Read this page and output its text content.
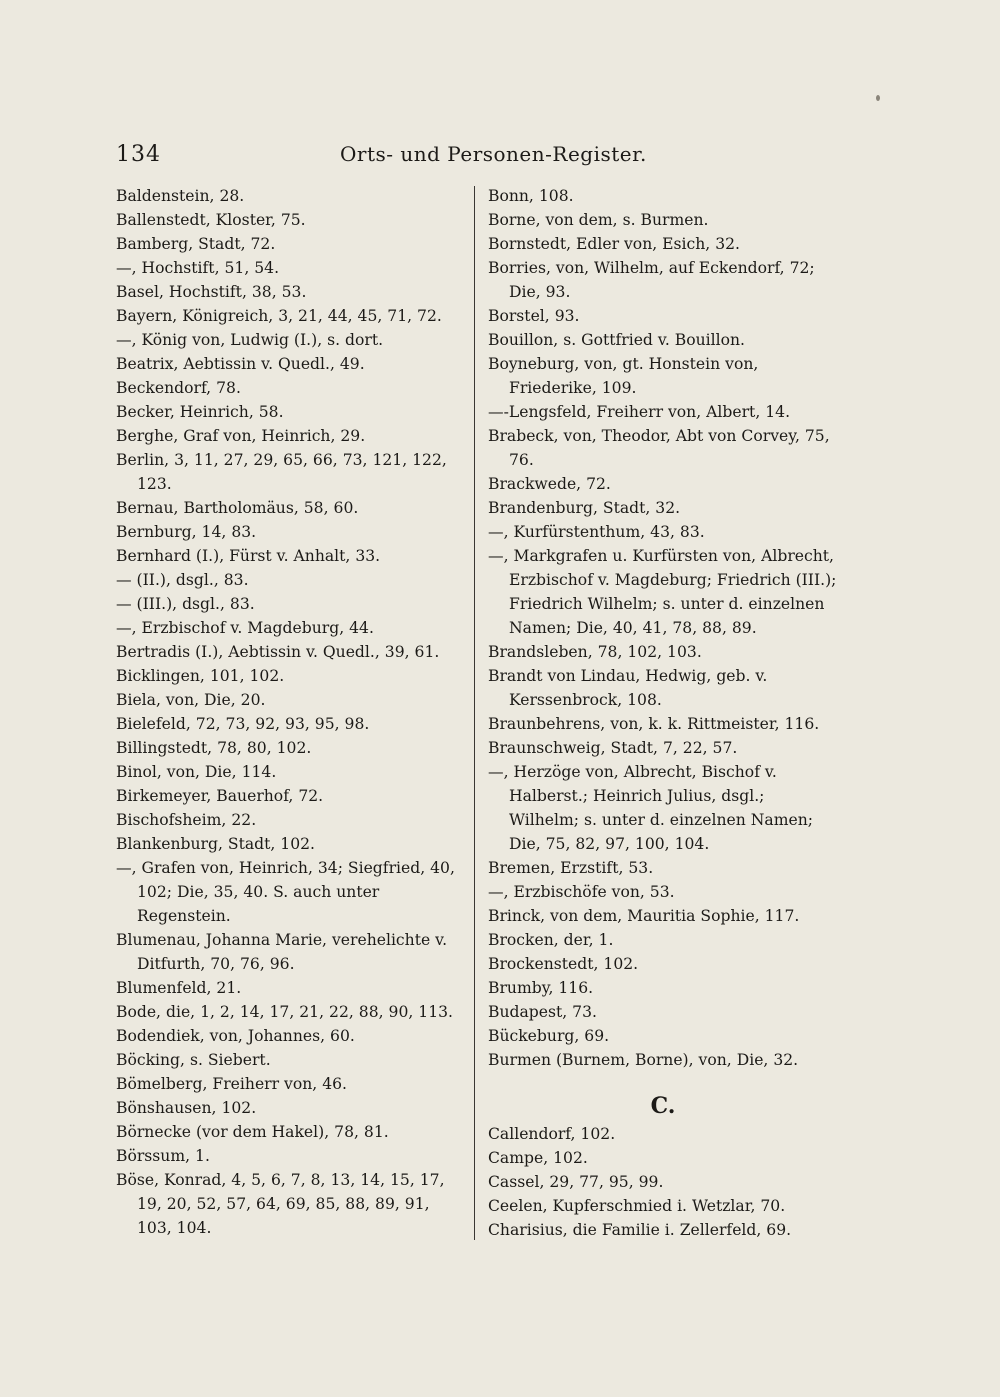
134	Orts- und Personen-Register.
Baldenstein, 28.
Ballenstedt, Kloster, 75.
Bamberg, Stadt, 72.
—, Hochstift, 51, 54.
Basel, Hochstift, 38, 53.
Bayern, Königreich, 3, 21, 44, 45, 71, 72.
—, König von, Ludwig (I.), s. dort.
Beatrix, Aebtissin v. Quedl., 49.
Beckendorf, 78.
Becker, Heinrich, 58.
Berghe, Graf von, Heinrich, 29.
Berlin, 3, 11, 27, 29, 65, 66, 73, 121, 122, 123.
Bernau, Bartholomäus, 58, 60.
Bernburg, 14, 83.
Bernhard (I.), Fürst v. Anhalt, 33.
— (II.), dsgl., 83.
— (III.), dsgl., 83.
—, Erzbischof v. Magdeburg, 44.
Bertradis (I.), Aebtissin v. Quedl., 39, 61.
Bicklingen, 101, 102.
Biela, von, Die, 20.
Bielefeld, 72, 73, 92, 93, 95, 98.
Billingstedt, 78, 80, 102.
Binol, von, Die, 114.
Birkemeyer, Bauerhof, 72.
Bischofsheim, 22.
Blankenburg, Stadt, 102.
—, Grafen von, Heinrich, 34; Siegfried, 40, 102; Die, 35, 40. S. auch unter Regenstein.
Blumenau, Johanna Marie, verehelichte v. Ditfurth, 70, 76, 96.
Blumenfeld, 21.
Bode, die, 1, 2, 14, 17, 21, 22, 88, 90, 113.
Bodendiek, von, Johannes, 60.
Böcking, s. Siebert.
Bömelberg, Freiherr von, 46.
Bönshausen, 102.
Börnecke (vor dem Hakel), 78, 81.
Börssum, 1.
Böse, Konrad, 4, 5, 6, 7, 8, 13, 14, 15, 17, 19, 20, 52, 57, 64, 69, 85, 88, 89, 91, 103, 104.
Bonn, 108.
Borne, von dem, s. Burmen.
Bornstedt, Edler von, Esich, 32.
Borries, von, Wilhelm, auf Eckendorf, 72; Die, 93.
Borstel, 93.
Bouillon, s. Gottfried v. Bouillon.
Boyneburg, von, gt. Honstein von, Friederike, 109.
—-Lengsfeld, Freiherr von, Albert, 14.
Brabeck, von, Theodor, Abt von Corvey, 75, 76.
Brackwede, 72.
Brandenburg, Stadt, 32.
—, Kurfürstenthum, 43, 83.
—, Markgrafen u. Kurfürsten von, Albrecht, Erzbischof v. Magdeburg; Friedrich (III.); Friedrich Wilhelm; s. unter d. einzelnen Namen; Die, 40, 41, 78, 88, 89.
Brandsleben, 78, 102, 103.
Brandt von Lindau, Hedwig, geb. v. Kerssenbrock, 108.
Braunbehrens, von, k. k. Rittmeister, 116.
Braunschweig, Stadt, 7, 22, 57.
—, Herzöge von, Albrecht, Bischof v. Halberst.; Heinrich Julius, dsgl.; Wilhelm; s. unter d. einzelnen Namen; Die, 75, 82, 97, 100, 104.
Bremen, Erzstift, 53.
—, Erzbischöfe von, 53.
Brinck, von dem, Mauritia Sophie, 117.
Brocken, der, 1.
Brockenstedt, 102.
Brumby, 116.
Budapest, 73.
Bückeburg, 69.
Burmen (Burnem, Borne), von, Die, 32.
C.
Callendorf, 102.
Campe, 102.
Cassel, 29, 77, 95, 99.
Ceelen, Kupferschmied i. Wetzlar, 70.
Charisius, die Familie i. Zellerfeld, 69.
